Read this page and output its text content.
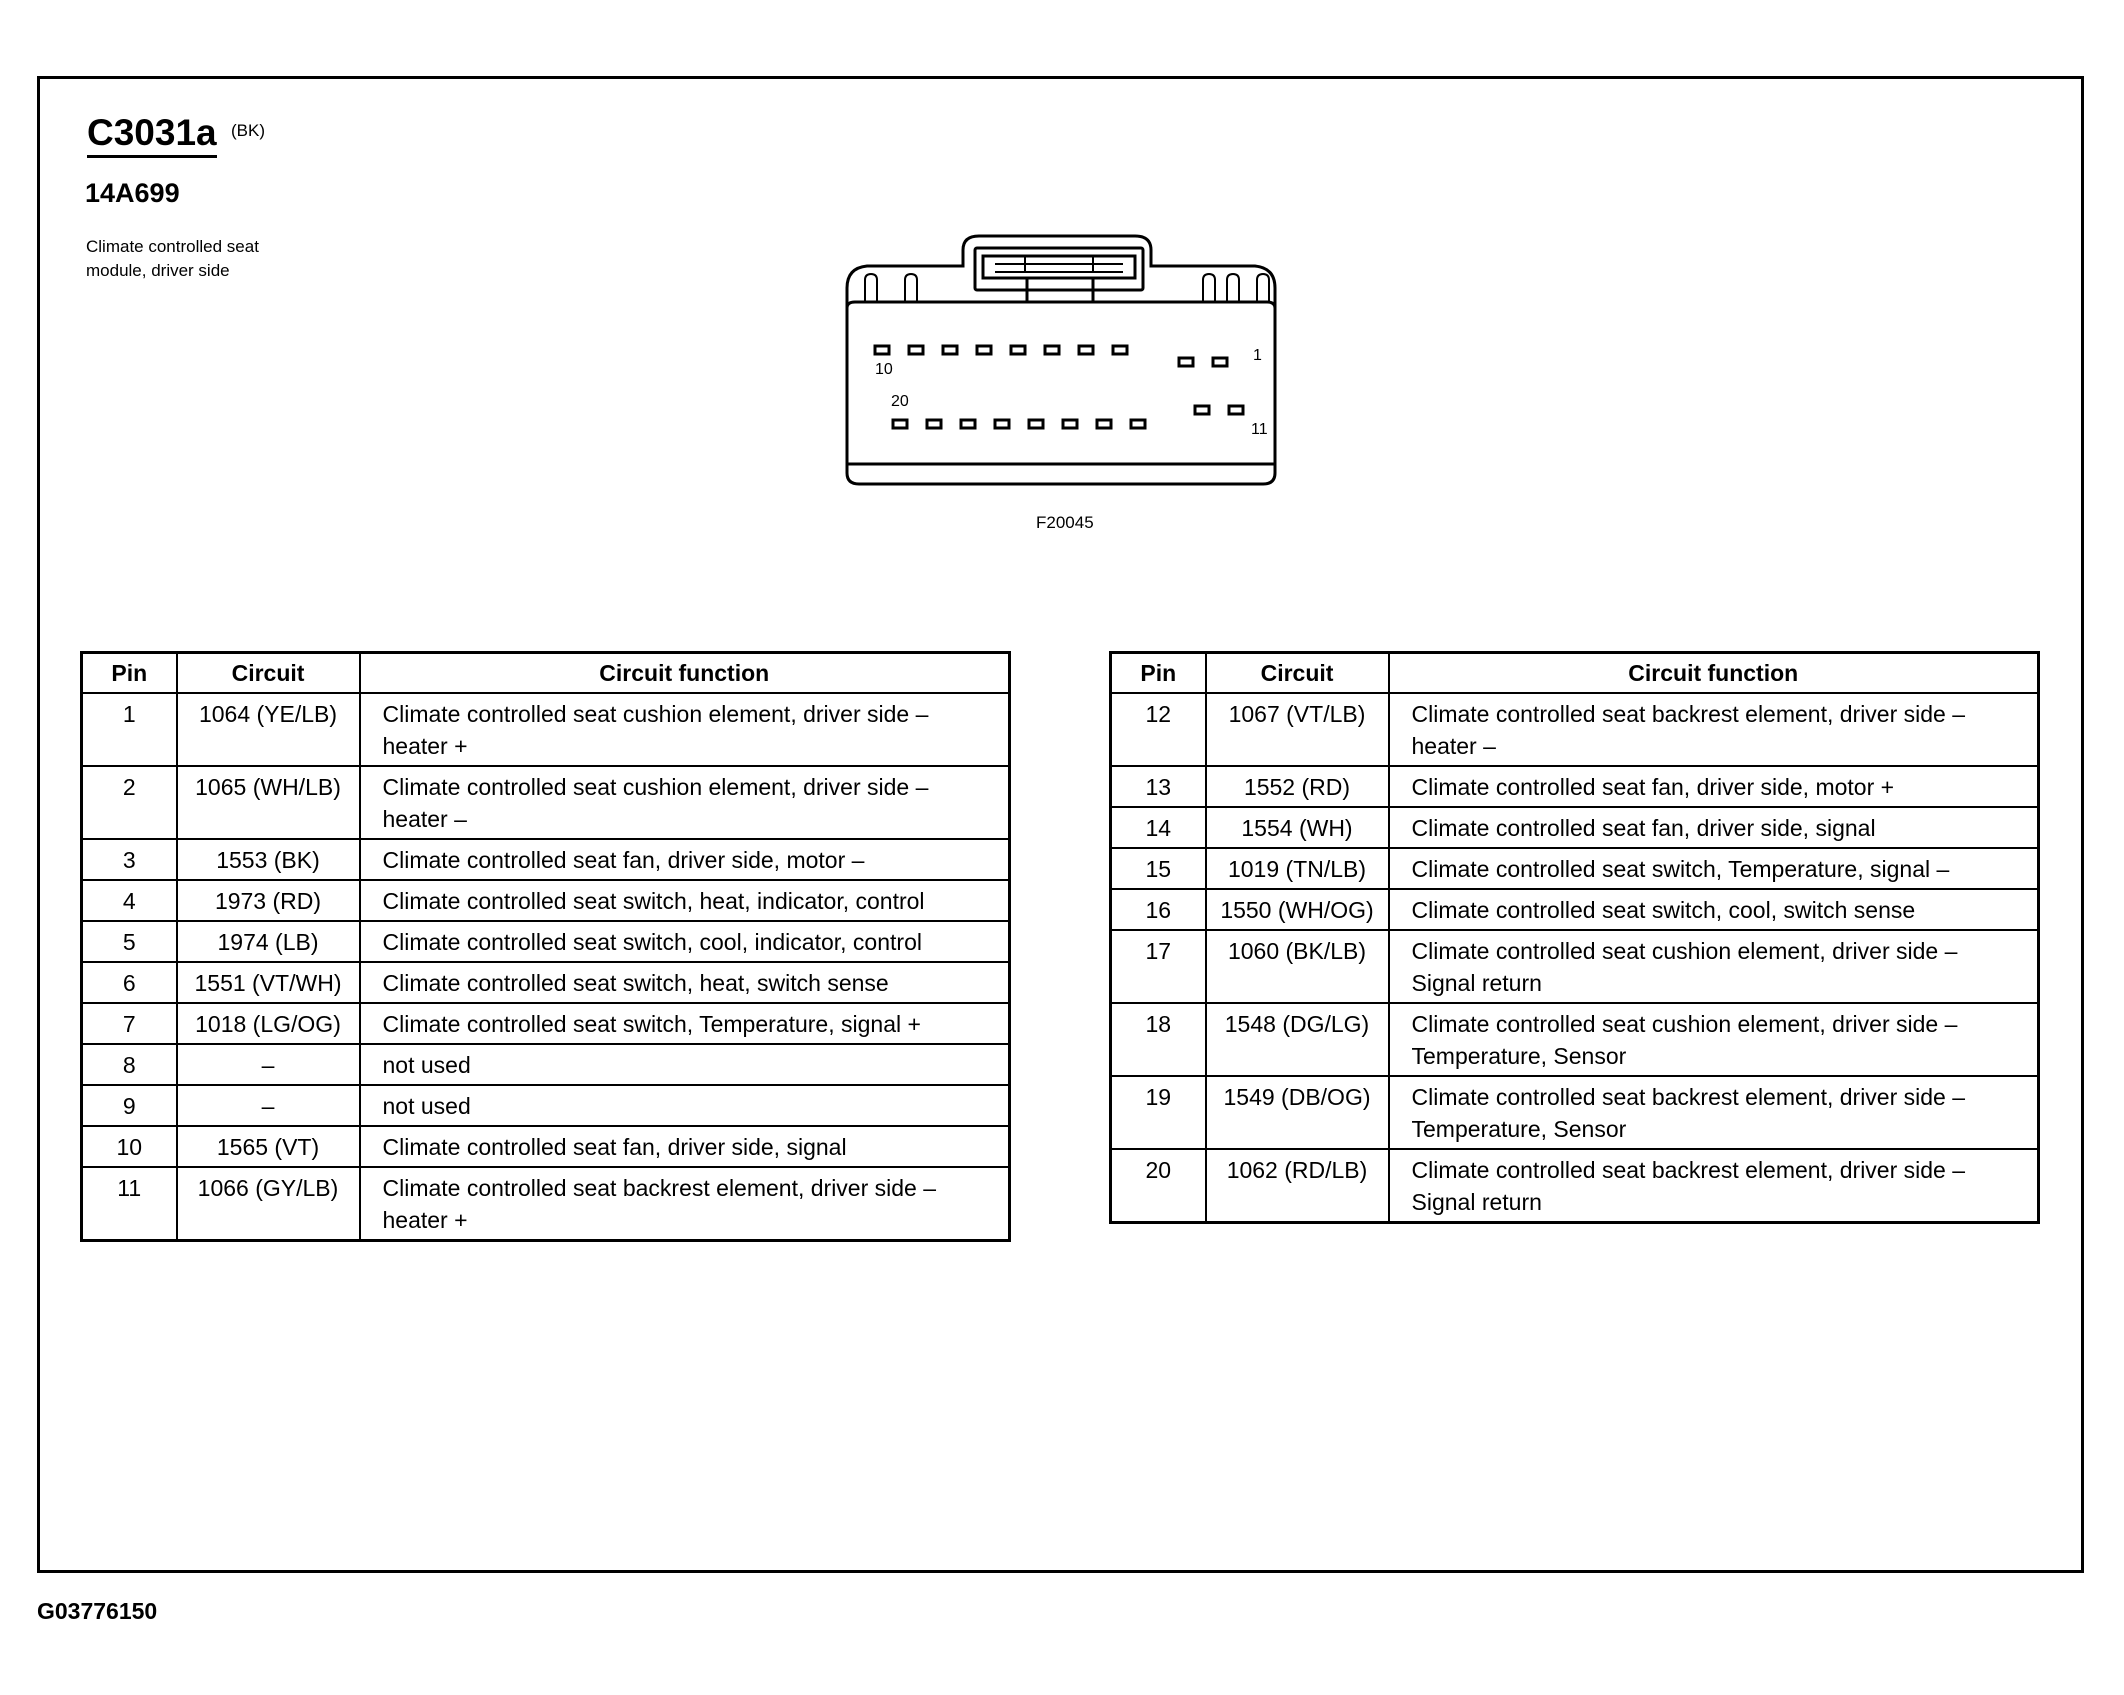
C3031a (BK)
14A699
Climate controlled seat module, driver side
10
1
20
11
F20045
Pin	Circuit	Circuit function
1	1064 (YE/LB)	Climate controlled seat cushion element, driver side – heater +
2	1065 (WH/LB)	Climate controlled seat cushion element, driver side – heater –
3	1553 (BK)	Climate controlled seat fan, driver side, motor –
4	1973 (RD)	Climate controlled seat switch, heat, indicator, control
5	1974 (LB)	Climate controlled seat switch, cool, indicator, control
6	1551 (VT/WH)	Climate controlled seat switch, heat, switch sense
7	1018 (LG/OG)	Climate controlled seat switch, Temperature, signal +
8	–	not used
9	–	not used
10	1565 (VT)	Climate controlled seat fan, driver side, signal
11	1066 (GY/LB)	Climate controlled seat backrest element, driver side – heater +
Pin	Circuit	Circuit function
12	1067 (VT/LB)	Climate controlled seat backrest element, driver side – heater –
13	1552 (RD)	Climate controlled seat fan, driver side, motor +
14	1554 (WH)	Climate controlled seat fan, driver side, signal
15	1019 (TN/LB)	Climate controlled seat switch, Temperature, signal –
16	1550 (WH/OG)	Climate controlled seat switch, cool, switch sense
17	1060 (BK/LB)	Climate controlled seat cushion element, driver side – Signal return
18	1548 (DG/LG)	Climate controlled seat cushion element, driver side – Temperature, Sensor
19	1549 (DB/OG)	Climate controlled seat backrest element, driver side – Temperature, Sensor
20	1062 (RD/LB)	Climate controlled seat backrest element, driver side – Signal return
G03776150
